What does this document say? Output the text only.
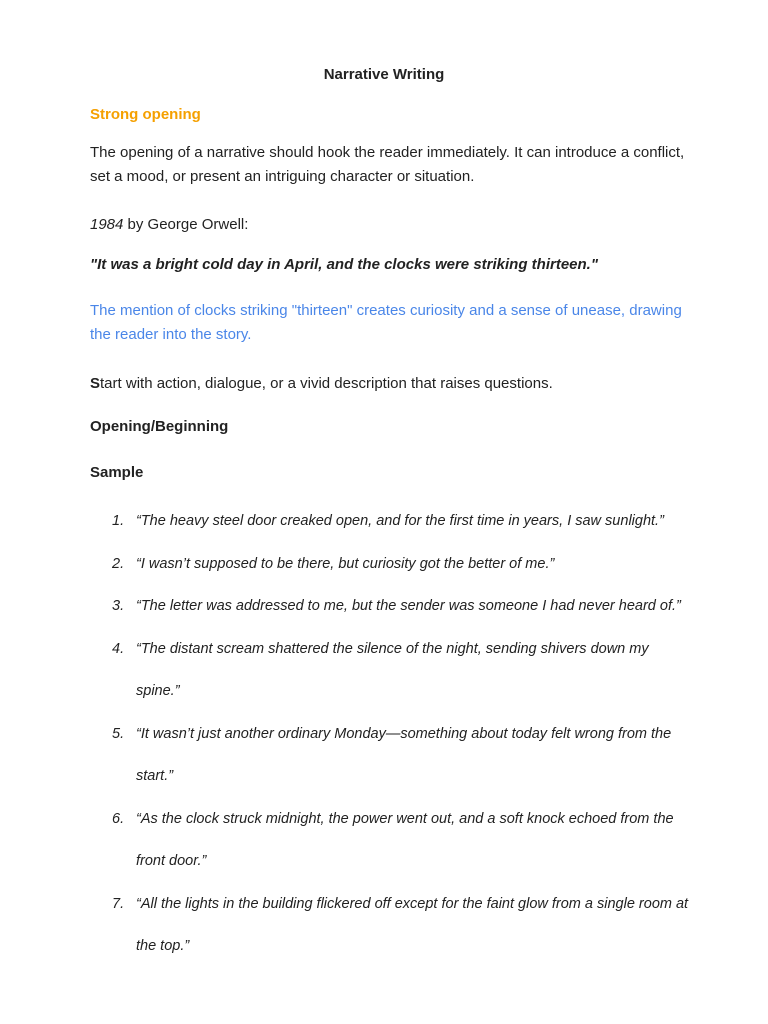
Narrative Writing
Strong opening
The opening of a narrative should hook the reader immediately. It can introduce a conflict, set a mood, or present an intriguing character or situation.
1984 by George Orwell:
"It was a bright cold day in April, and the clocks were striking thirteen."
The mention of clocks striking "thirteen" creates curiosity and a sense of unease, drawing the reader into the story.
Start with action, dialogue, or a vivid description that raises questions.
Opening/Beginning
Sample
1. “The heavy steel door creaked open, and for the first time in years, I saw sunlight.”
2. “I wasn’t supposed to be there, but curiosity got the better of me.”
3. “The letter was addressed to me, but the sender was someone I had never heard of.”
4. “The distant scream shattered the silence of the night, sending shivers down my spine.”
5. “It wasn’t just another ordinary Monday—something about today felt wrong from the start.”
6. “As the clock struck midnight, the power went out, and a soft knock echoed from the front door.”
7. “All the lights in the building flickered off except for the faint glow from a single room at the top.”
